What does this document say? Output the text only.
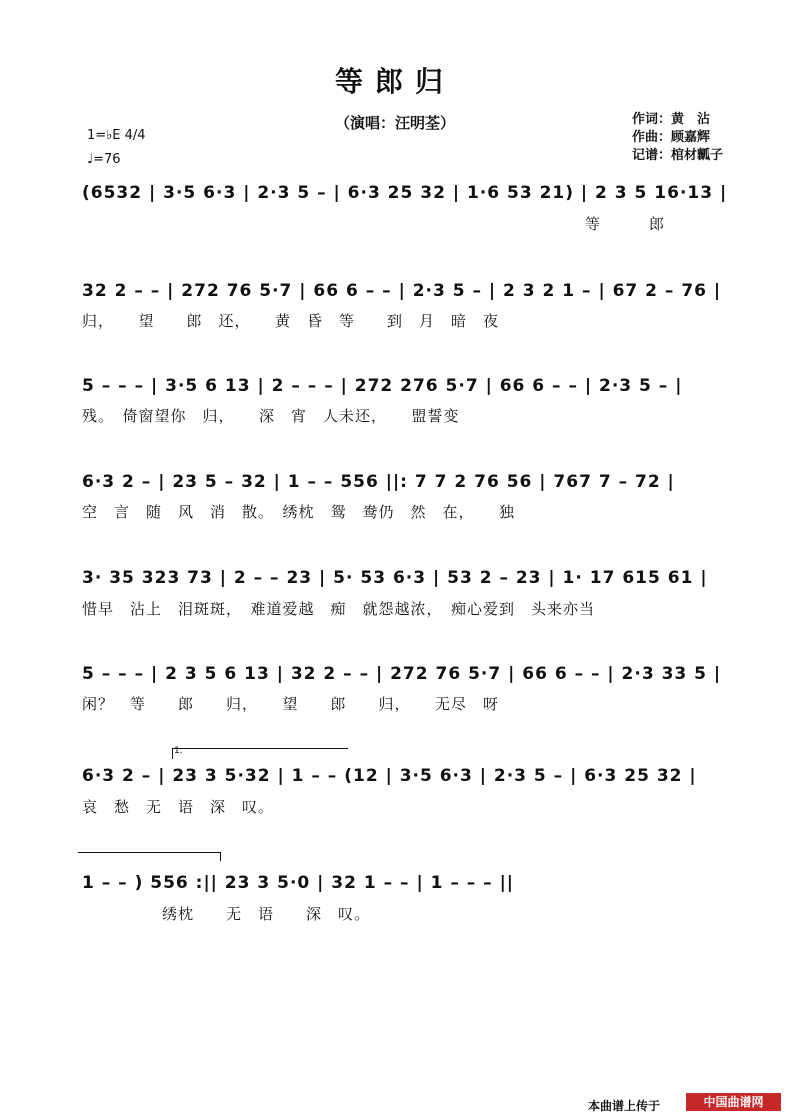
等郎归
（演唱：汪明荃）	作词：黄　沾
作曲：顾嘉辉
记谱：棺材瓤子
1=♭E 4/4
♩=76
(6532 | 3·5 6·3 | 2·3 5 – | 6·3 25 32 | 1·6 53 21) | 2 3 5 16·13 |
等　　　郎
32 2 – – | 272 76 5·7 | 66 6 – – | 2·3 5 – | 2 3 2 1 – | 67 2 – 76 |
归，　　望　　郎　还，　　黄　昏　等　　到　月　暗　夜
5 – – – | 3·5 6 13 | 2 – – – | 272 276 5·7 | 66 6 – – | 2·3 5 – |
残。　倚窗望你　归，　　深　宵　人未还，　　盟誓变
6·3 2 – | 23 5 – 32 | 1 – – 556 ||: 7 7 2 76 56 | 767 7 – 72 |
空　言　随　风　消　散。　绣枕　鸳　鸯仍　然　在，　　独
3· 35 323 73 | 2 – – 23 | 5· 53 6·3 | 53 2 – 23 | 1· 17 615 61 |
惜早　沾上　泪斑斑，　难道爱越　痴　就怨越浓，　痴心爱到　头来亦当
5 – – – | 2 3 5 6 13 | 32 2 – – | 272 76 5·7 | 66 6 – – | 2·3 33 5 |
闲？　等　　郎　　归，　　望　　郎　　归，　　无尽　呀
1.
6·3 2 – | 23 3 5·32 | 1 – – (12 | 3·5 6·3 | 2·3 5 – | 6·3 25 32 |
哀　愁　无　语　深　叹。
1 – – ) 556 :|| 23 3 5·0 | 32 1 – – | 1 – – – ||
绣枕　　无　语　　深　叹。
本曲谱上传于	中国曲谱网
